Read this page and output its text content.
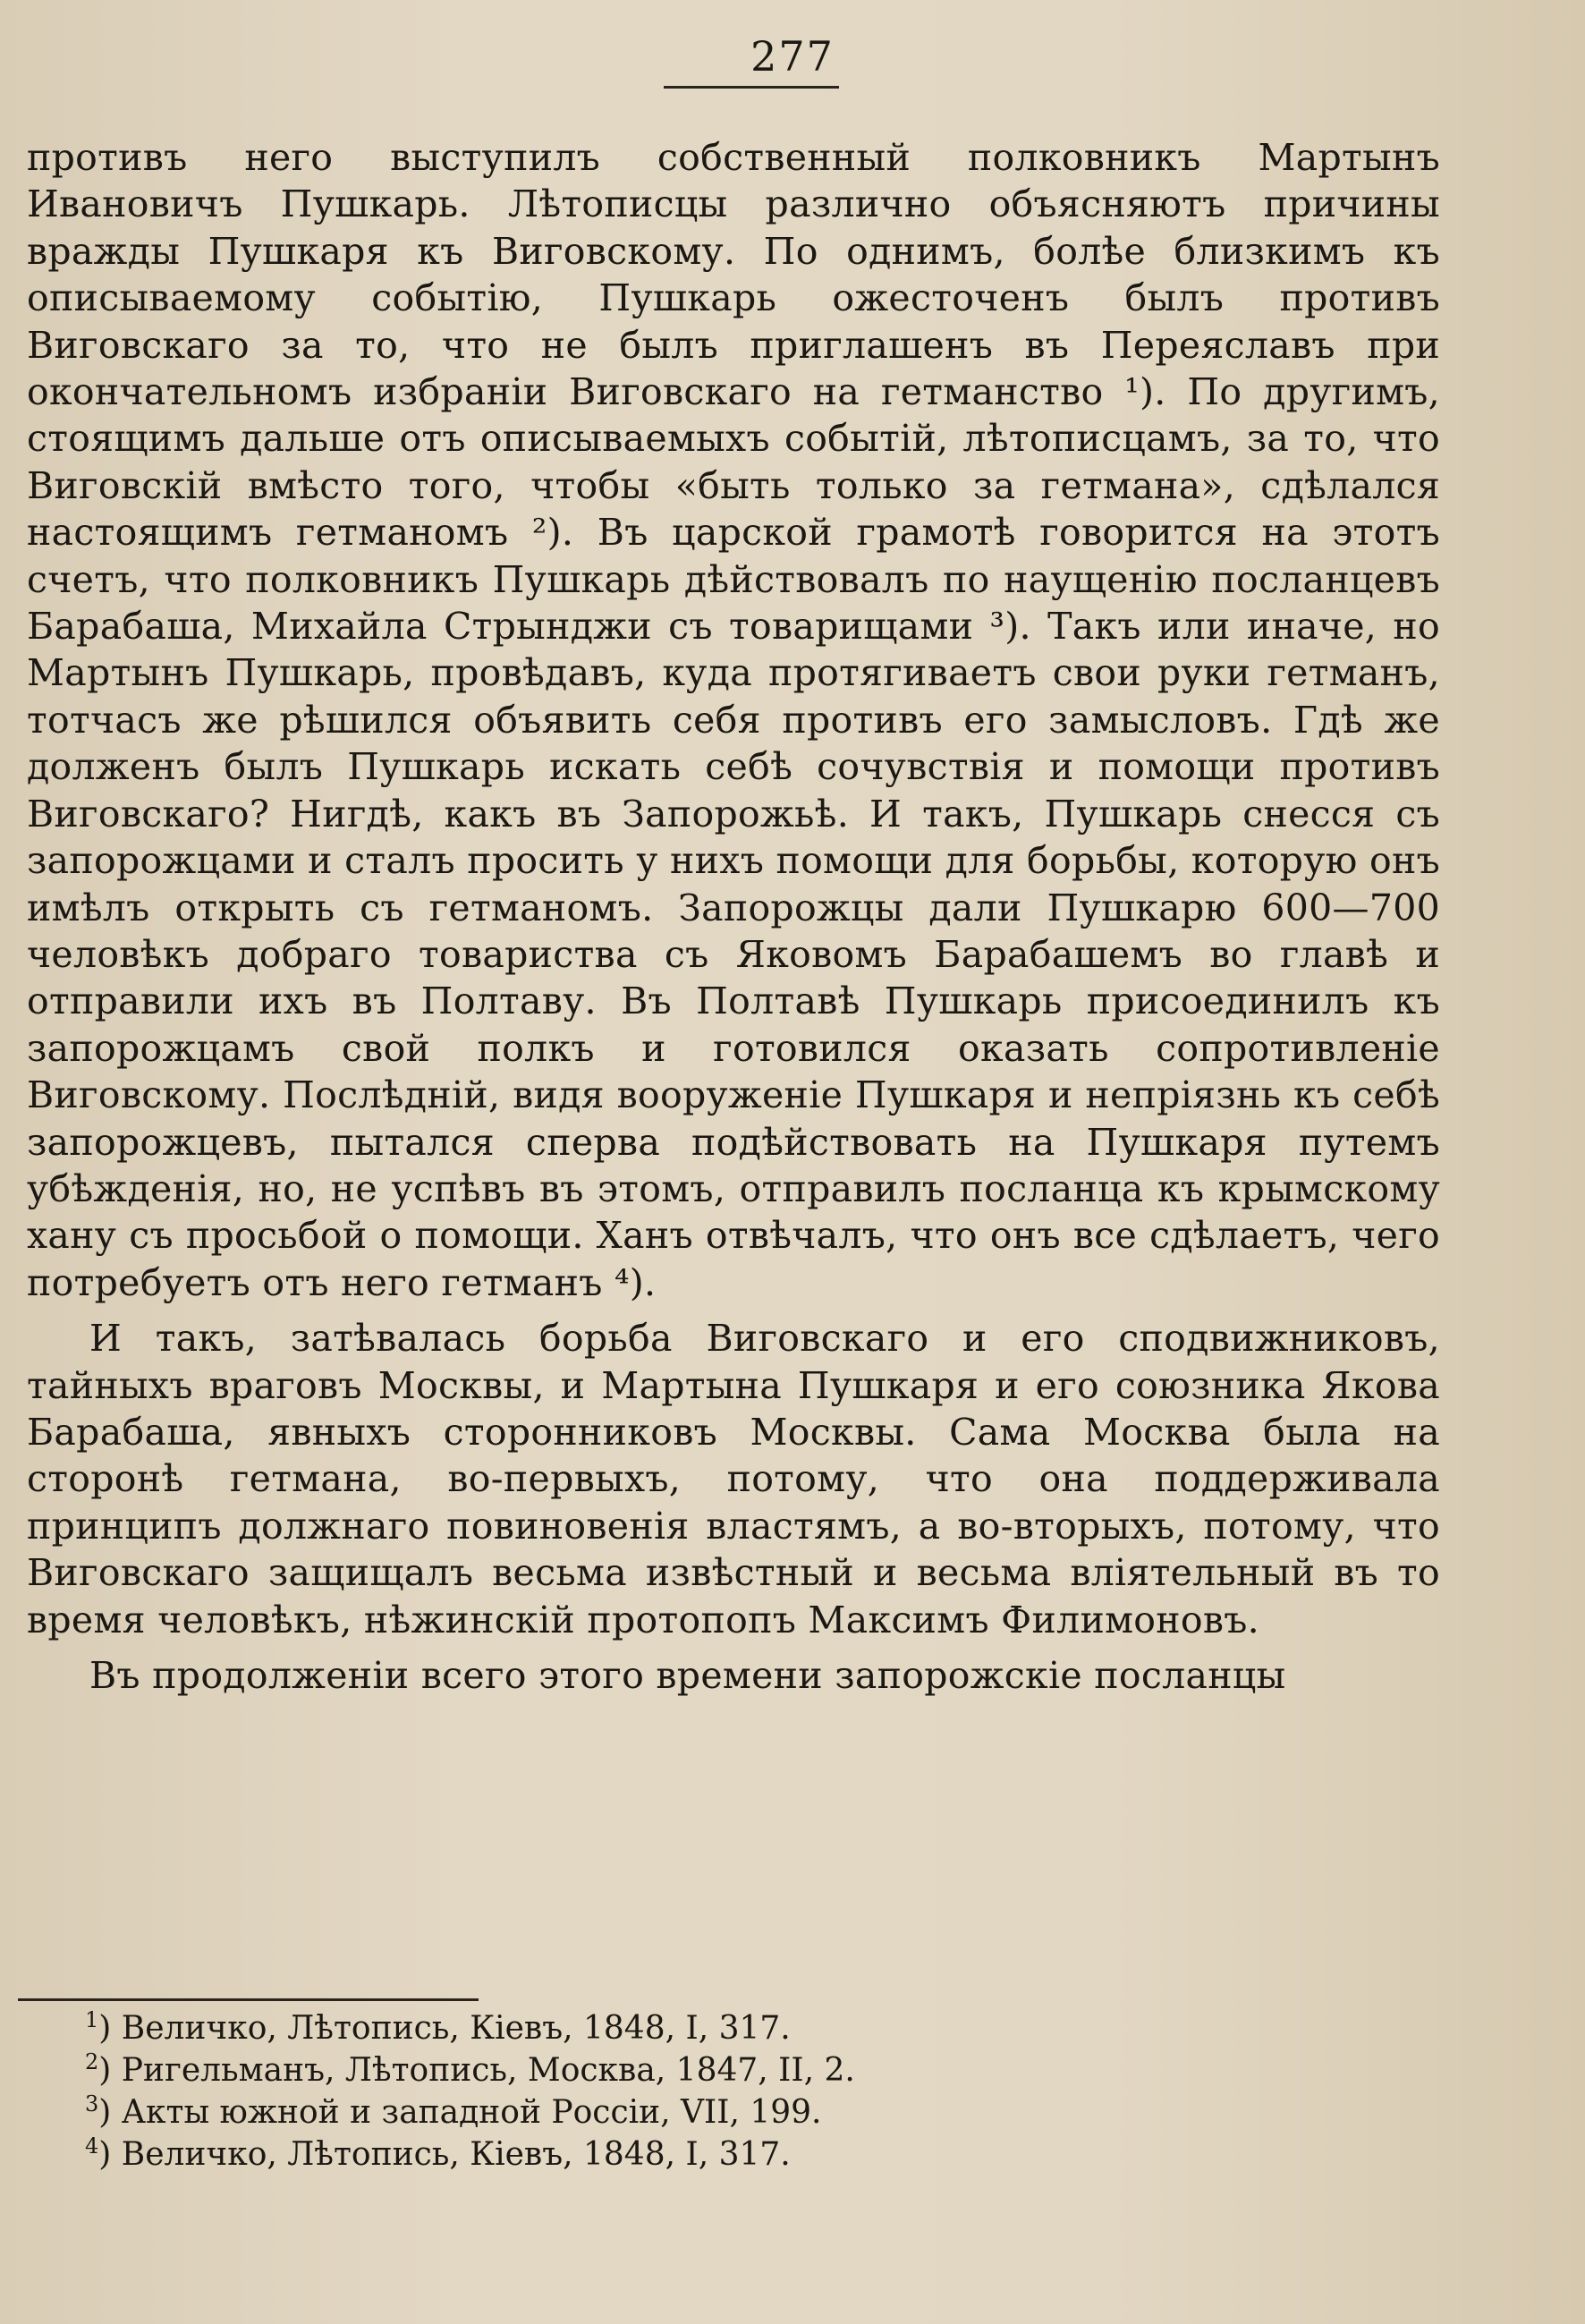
277

противъ него выступилъ собственный полковникъ Мартынъ Ивановичъ Пушкарь. Лѣтописцы различно объясняютъ причины вражды Пушкаря къ Виговскому. По однимъ, болѣе близкимъ къ описываемому событію, Пушкарь ожесточенъ былъ противъ Виговскаго за то, что не былъ приглашенъ въ Переяславъ при окончательномъ избраніи Виговскаго на гетманство ¹). По другимъ, стоящимъ дальше отъ описываемыхъ событій, лѣтописцамъ, за то, что Виговскій вмѣсто того, чтобы «быть только за гетмана», сдѣлался настоящимъ гетманомъ ²). Въ царской грамотѣ говорится на этотъ счетъ, что полковникъ Пушкарь дѣйствовалъ по наущенію посланцевъ Барабаша, Михайла Стрынджи съ товарищами ³). Такъ или иначе, но Мартынъ Пушкарь, провѣдавъ, куда протягиваетъ свои руки гетманъ, тотчасъ же рѣшился объявить себя противъ его замысловъ. Гдѣ же долженъ былъ Пушкарь искать себѣ сочувствія и помощи противъ Виговскаго? Нигдѣ, какъ въ Запорожьѣ. И такъ, Пушкарь снесся съ запорожцами и сталъ просить у нихъ помощи для борьбы, которую онъ имѣлъ открыть съ гетманомъ. Запорожцы дали Пушкарю 600—700 человѣкъ добраго товариства съ Яковомъ Барабашемъ во главѣ и отправили ихъ въ Полтаву. Въ Полтавѣ Пушкарь присоединилъ къ запорожцамъ свой полкъ и готовился оказать сопротивленіе Виговскому. Послѣдній, видя вооруженіе Пушкаря и непріязнь къ себѣ запорожцевъ, пытался сперва подѣйствовать на Пушкаря путемъ убѣжденія, но, не успѣвъ въ этомъ, отправилъ посланца къ крымскому хану съ просьбой о помощи. Ханъ отвѣчалъ, что онъ все сдѣлаетъ, чего потребуетъ отъ него гетманъ ⁴).

И такъ, затѣвалась борьба Виговскаго и его сподвижниковъ, тайныхъ враговъ Москвы, и Мартына Пушкаря и его союзника Якова Барабаша, явныхъ сторонниковъ Москвы. Сама Москва была на сторонѣ гетмана, во-первыхъ, потому, что она поддерживала принципъ должнаго повиновенія властямъ, а во-вторыхъ, потому, что Виговскаго защищалъ весьма извѣстный и весьма вліятельный въ то время человѣкъ, нѣжинскій протопопъ Максимъ Филимоновъ.

Въ продолженіи всего этого времени запорожскіе посланцы

$^1$) Величко, Лѣтопись, Кіевъ, 1848, I, 317.
$^2$) Ригельманъ, Лѣтопись, Москва, 1847, II, 2.
$^3$) Акты южной и западной Россіи, VII, 199.
$^4$) Величко, Лѣтопись, Кіевъ, 1848, I, 317.
